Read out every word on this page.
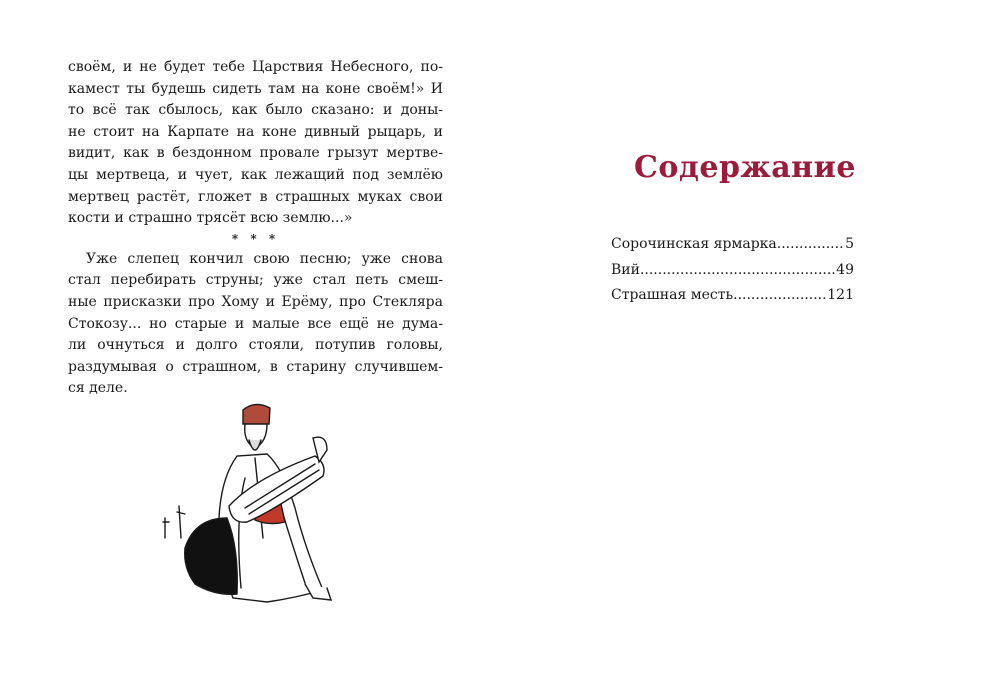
своём, и не будет тебе Царствия Небесного, по-
камест ты будешь сидеть там на коне своём!» И
то всё так сбылось, как было сказано: и доны-
не стоит на Карпате на коне дивный рыцарь, и
видит, как в бездонном провале грызут мертве-
цы мертвеца, и чует, как лежащий под землёю
мертвец растёт, гложет в страшных муках свои
кости и страшно трясёт всю землю...»
* * *
Уже слепец кончил свою песню; уже снова
стал перебирать струны; уже стал петь смеш-
ные присказки про Хому и Ерёму, про Стекляра
Стокозу... но старые и малые все ещё не дума-
ли очнуться и долго стояли, потупив головы,
раздумывая о страшном, в старину случившем-
ся деле.
Содержание
Сорочинская ярмарка .....	5
Вий .....	49
Страшная месть .....	121
